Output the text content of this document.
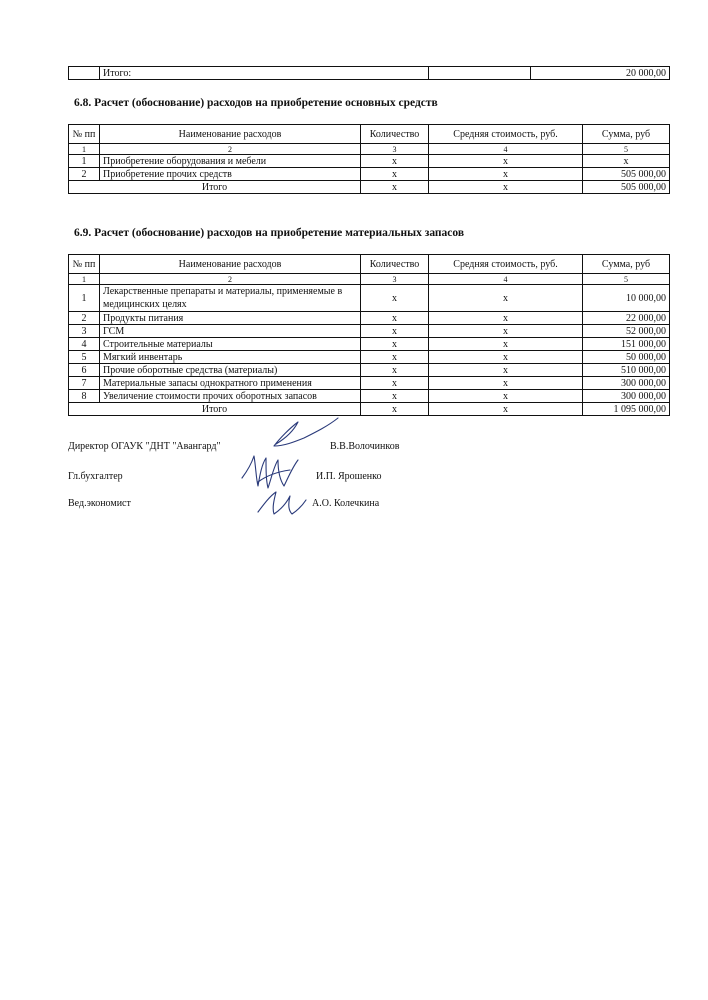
	Итого:		20 000,00
6.8. Расчет (обоснование) расходов на приобретение основных средств
№ пп	Наименование расходов	Количество	Средняя стоимость, руб.	Сумма, руб
1	2	3	4	5
1	Приобретение оборудования и мебели	х	х	х
2	Приобретение прочих средств	х	х	505 000,00
Итого		х	х	505 000,00
6.9. Расчет (обоснование) расходов на приобретение материальных запасов
№ пп	Наименование расходов	Количество	Средняя стоимость, руб.	Сумма, руб
1	2	3	4	5
1	Лекарственные препараты и материалы, применяемые в медицинских целях	х	х	10 000,00
2	Продукты питания	х	х	22 000,00
3	ГСМ	х	х	52 000,00
4	Строительные материалы	х	х	151 000,00
5	Мягкий инвентарь	х	х	50 000,00
6	Прочие оборотные средства (материалы)	х	х	510 000,00
7	Материальные запасы однократного применения	х	х	300 000,00
8	Увеличение стоимости прочих оборотных запасов	х	х	300 000,00
Итого		х	х	1 095 000,00
Директор ОГАУК "ДНТ "Авангард"	В.В.Волочинков
Гл.бухгалтер	И.П. Ярошенко
Вед.экономист	А.О. Колечкина
